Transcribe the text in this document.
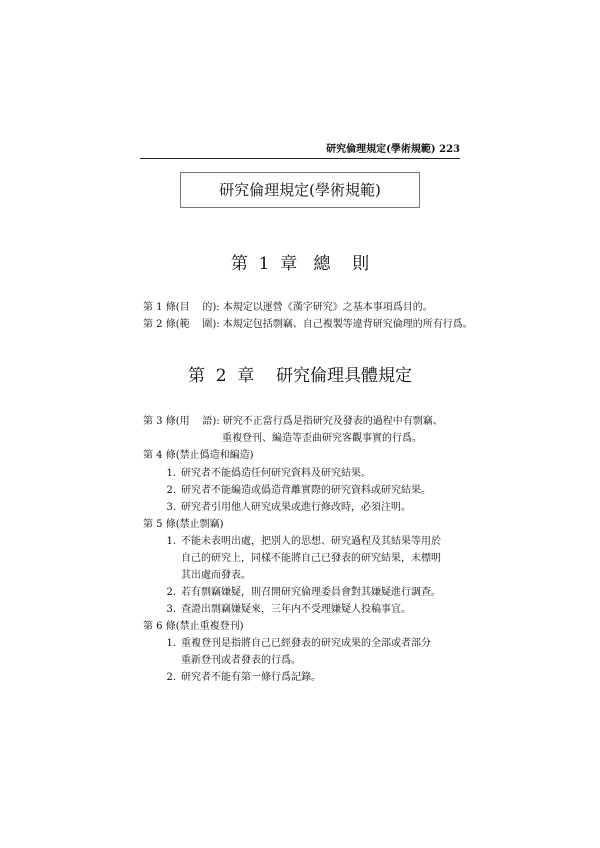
研究倫理規定(學術規範) 223
研究倫理規定(學術規範)
第  1  章   總    則
第 1 條(目    的): 本規定以運營《漢字研究》之基本事項爲目的。
第 2 條(範    圍): 本規定包括剽竊、自己複製等違背研究倫理的所有行爲。
第  2  章    研究倫理具體規定
第 3 條(用    語): 研究不正當行爲是指研究及發表的過程中有剽竊、
重複登刊、編造等歪曲研究客觀事實的行爲。
第 4 條(禁止僞造和編造)
1. 研究者不能僞造任何研究資料及研究結果。
2. 研究者不能編造或僞造背離實際的研究資料或研究結果。
3. 研究者引用他人研究成果或進行修改時，必須注明。
第 5 條(禁止剽竊)
1. 不能未表明出處，把別人的思想、研究過程及其結果等用於
自己的研究上，同樣不能將自己已發表的研究結果，未標明
其出處而發表。
2. 若有剽竊嫌疑，則召開研究倫理委員會對其嫌疑進行調查。
3. 查證出剽竊嫌疑來，三年内不受理嫌疑人投稿事宜。
第 6 條(禁止重複登刊)
1. 重複登刊是指將自己已經發表的研究成果的全部或者部分
重新登刊或者發表的行爲。
2. 研究者不能有第一條行爲記錄。
